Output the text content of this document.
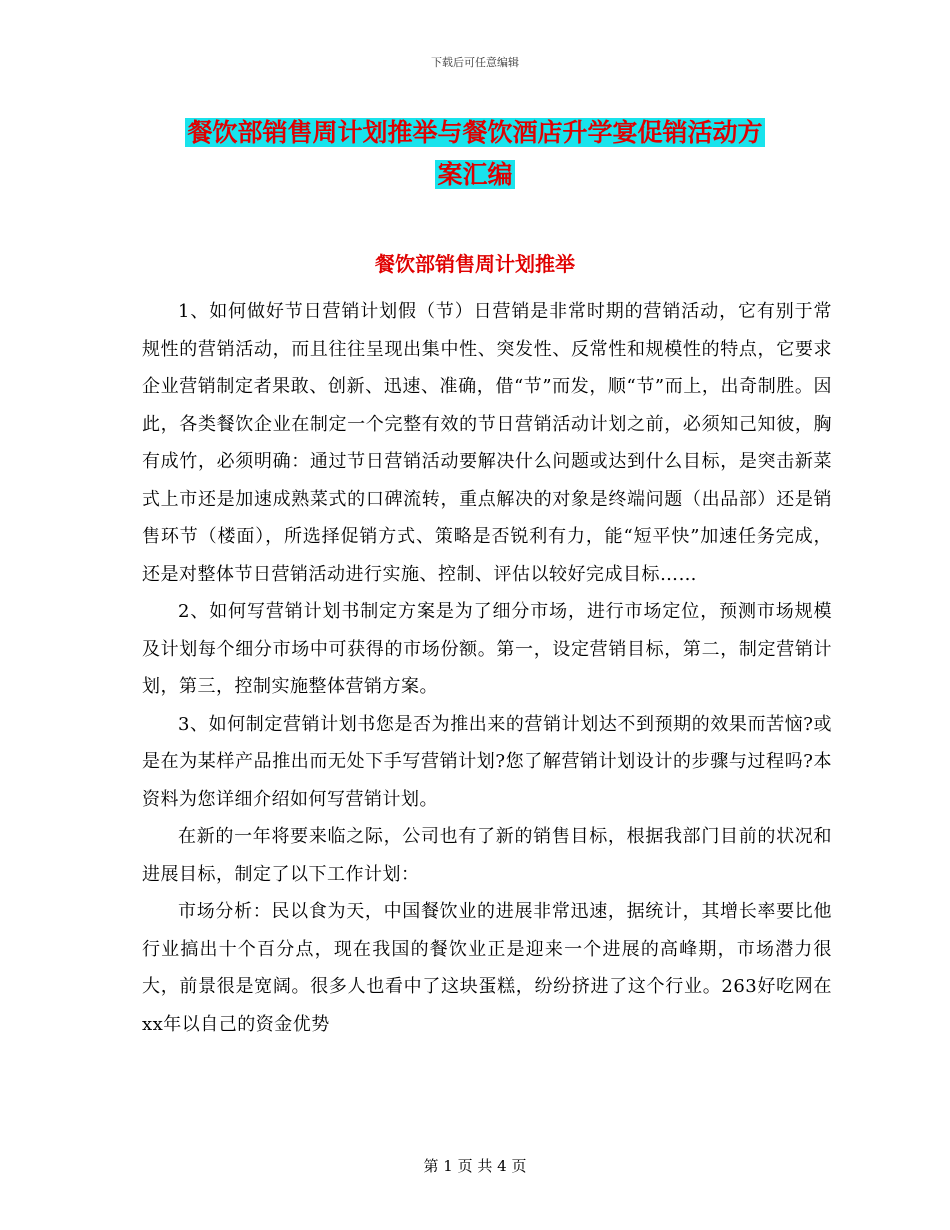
下载后可任意编辑
餐饮部销售周计划推举与餐饮酒店升学宴促销活动方
案汇编
餐饮部销售周计划推举

1、如何做好节日营销计划假（节）日营销是非常时期的营销活动，它有别于常规性的营销活动，而且往往呈现出集中性、突发性、反常性和规模性的特点，它要求企业营销制定者果敢、创新、迅速、准确，借“节”而发，顺“节”而上，出奇制胜。因此，各类餐饮企业在制定一个完整有效的节日营销活动计划之前，必须知己知彼，胸有成竹，必须明确：通过节日营销活动要解决什么问题或达到什么目标，是突击新菜式上市还是加速成熟菜式的口碑流转，重点解决的对象是终端问题（出品部）还是销售环节（楼面），所选择促销方式、策略是否锐利有力，能“短平快”加速任务完成，还是对整体节日营销活动进行实施、控制、评估以较好完成目标……

2、如何写营销计划书制定方案是为了细分市场，进行市场定位，预测市场规模及计划每个细分市场中可获得的市场份额。第一，设定营销目标，第二，制定营销计划，第三，控制实施整体营销方案。

3、如何制定营销计划书您是否为推出来的营销计划达不到预期的效果而苦恼?或是在为某样产品推出而无处下手写营销计划?您了解营销计划设计的步骤与过程吗?本资料为您详细介绍如何写营销计划。

在新的一年将要来临之际，公司也有了新的销售目标，根据我部门目前的状况和进展目标，制定了以下工作计划：

市场分析：民以食为天，中国餐饮业的进展非常迅速，据统计，其增长率要比他行业搞出十个百分点，现在我国的餐饮业正是迎来一个进展的高峰期，市场潜力很大，前景很是宽阔。很多人也看中了这块蛋糕，纷纷挤进了这个行业。263好吃网在xx年以自己的资金优势

第 1 页 共 4 页
